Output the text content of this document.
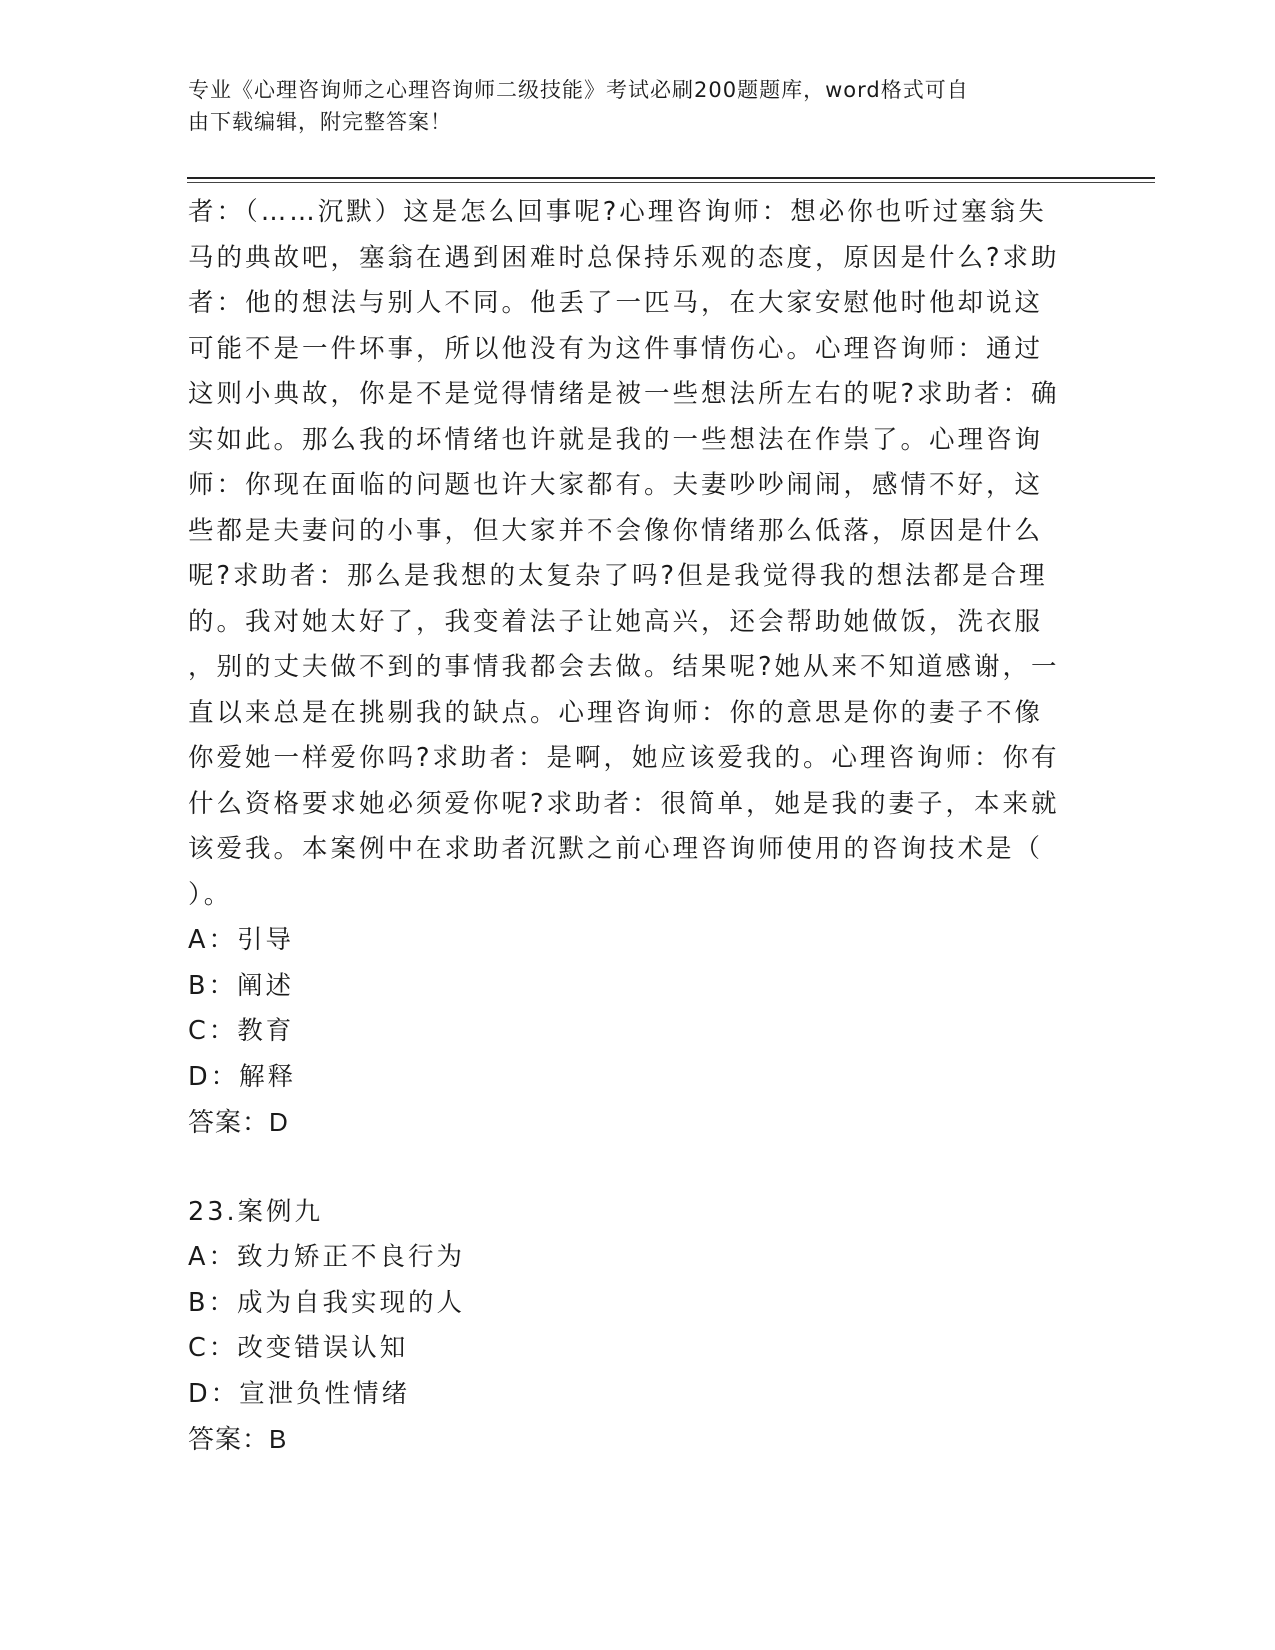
专业《心理咨询师之心理咨询师二级技能》考试必刷200题题库，word格式可自
由下载编辑，附完整答案！
者：（……沉默）这是怎么回事呢?心理咨询师：想必你也听过塞翁失
马的典故吧，塞翁在遇到困难时总保持乐观的态度，原因是什么?求助
者：他的想法与别人不同。他丢了一匹马，在大家安慰他时他却说这
可能不是一件坏事，所以他没有为这件事情伤心。心理咨询师：通过
这则小典故，你是不是觉得情绪是被一些想法所左右的呢?求助者：确
实如此。那么我的坏情绪也许就是我的一些想法在作祟了。心理咨询
师：你现在面临的问题也许大家都有。夫妻吵吵闹闹，感情不好，这
些都是夫妻问的小事，但大家并不会像你情绪那么低落，原因是什么
呢?求助者：那么是我想的太复杂了吗?但是我觉得我的想法都是合理
的。我对她太好了，我变着法子让她高兴，还会帮助她做饭，洗衣服
，别的丈夫做不到的事情我都会去做。结果呢?她从来不知道感谢，一
直以来总是在挑剔我的缺点。心理咨询师：你的意思是你的妻子不像
你爱她一样爱你吗?求助者：是啊，她应该爱我的。心理咨询师：你有
什么资格要求她必须爱你呢?求助者：很简单，她是我的妻子，本来就
该爱我。本案例中在求助者沉默之前心理咨询师使用的咨询技术是（
）。
A：引导
B：阐述
C：教育
D：解释
答案：D
23.案例九
A：致力矫正不良行为
B：成为自我实现的人
C：改变错误认知
D：宣泄负性情绪
答案：B
